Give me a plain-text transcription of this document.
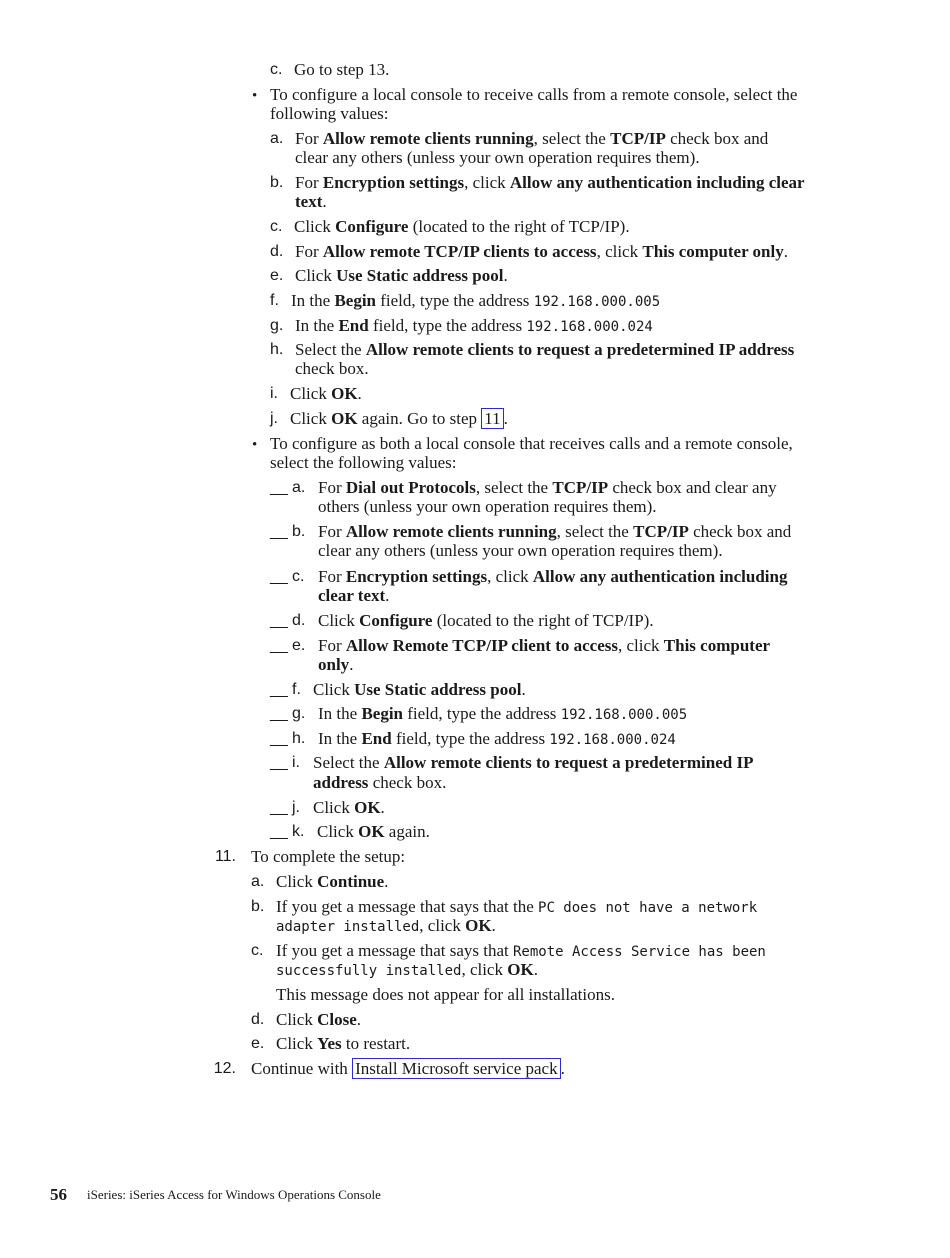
c. Go to step 13.
• To configure a local console to receive calls from a remote console, select the
following values:
a. For Allow remote clients running, select the TCP/IP check box and
clear any others (unless your own operation requires them).
b. For Encryption settings, click Allow any authentication including clear
text.
c. Click Configure (located to the right of TCP/IP).
d. For Allow remote TCP/IP clients to access, click This computer only.
e. Click Use Static address pool.
f. In the Begin field, type the address 192.168.000.005
g. In the End field, type the address 192.168.000.024
h. Select the Allow remote clients to request a predetermined IP address
check box.
i. Click OK.
j. Click OK again. Go to step 11 .
• To configure as both a local console that receives calls and a remote console,
select the following values:
__ a. For Dial out Protocols, select the TCP/IP check box and clear any
others (unless your own operation requires them).
__ b. For Allow remote clients running, select the TCP/IP check box and
clear any others (unless your own operation requires them).
__ c. For Encryption settings, click Allow any authentication including
clear text.
__ d. Click Configure (located to the right of TCP/IP).
__ e. For Allow Remote TCP/IP client to access, click This computer
only.
__ f. Click Use Static address pool.
__ g. In the Begin field, type the address 192.168.000.005
__ h. In the End field, type the address 192.168.000.024
__ i. Select the Allow remote clients to request a predetermined IP
address check box.
__ j. Click OK.
__ k. Click OK again.
11. To complete the setup:
a. Click Continue.
b. If you get a message that says that the PC does not have a network
adapter installed, click OK.
c. If you get a message that says that Remote Access Service has been
successfully installed, click OK.
This message does not appear for all installations.
d. Click Close.
e. Click Yes to restart.
12. Continue with Install Microsoft service pack .
56 iSeries: iSeries Access for Windows Operations Console
